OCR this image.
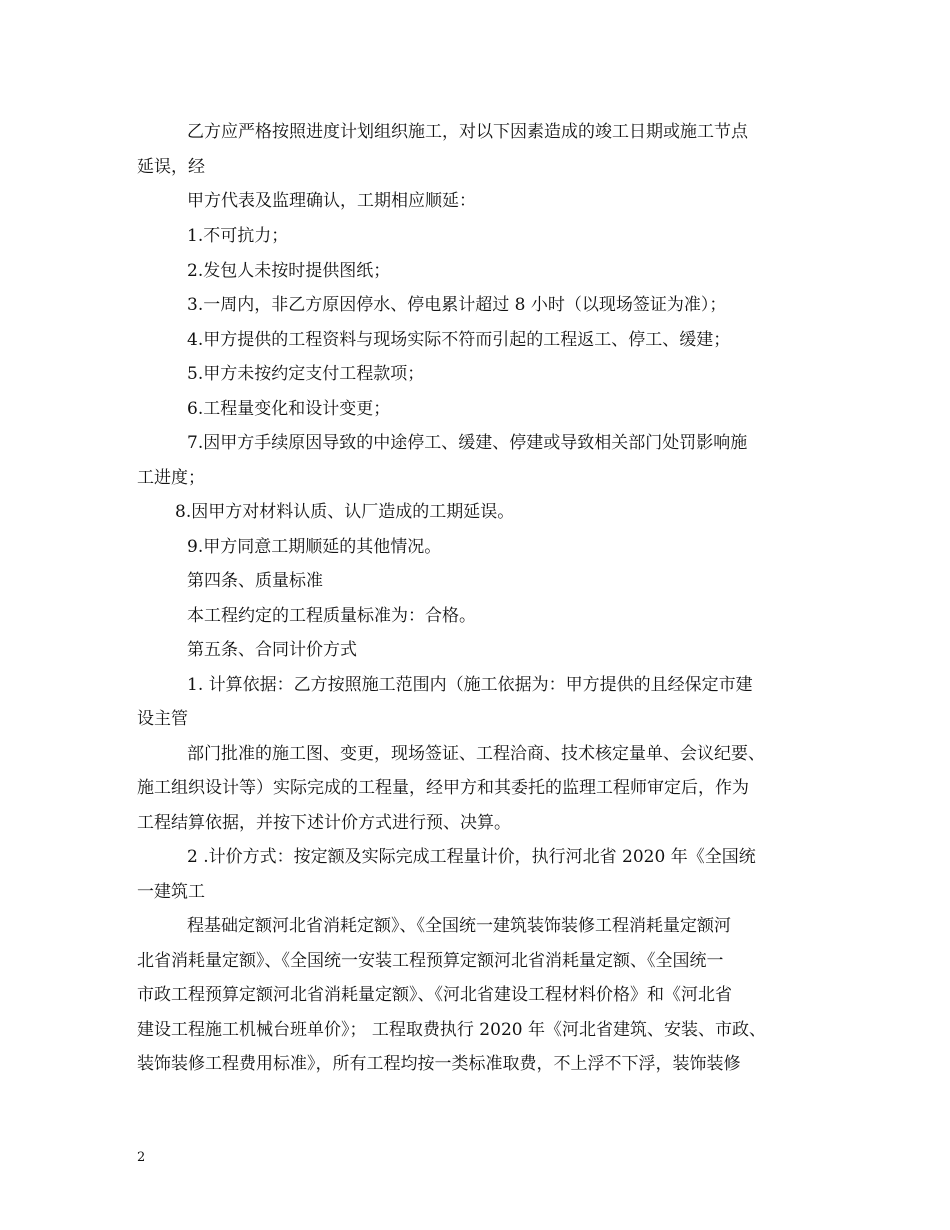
乙方应严格按照进度计划组织施工，对以下因素造成的竣工日期或施工节点
延误，经
甲方代表及监理确认，工期相应顺延：
1.不可抗力；
2.发包人未按时提供图纸；
3.一周内，非乙方原因停水、停电累计超过 8 小时（以现场签证为准）；
4.甲方提供的工程资料与现场实际不符而引起的工程返工、停工、缓建；
5.甲方未按约定支付工程款项；
6.工程量变化和设计变更；
7.因甲方手续原因导致的中途停工、缓建、停建或导致相关部门处罚影响施
工进度；
8.因甲方对材料认质、认厂造成的工期延误。
9.甲方同意工期顺延的其他情况。
第四条、质量标准
本工程约定的工程质量标准为：合格。
第五条、合同计价方式
1. 计算依据：乙方按照施工范围内（施工依据为：甲方提供的且经保定市建
设主管
部门批准的施工图、变更，现场签证、工程洽商、技术核定量单、会议纪要、
施工组织设计等）实际完成的工程量，经甲方和其委托的监理工程师审定后，作为
工程结算依据，并按下述计价方式进行预、决算。
2 .计价方式：按定额及实际完成工程量计价，执行河北省 2020 年《全国统
一建筑工
程基础定额河北省消耗定额》、《全国统一建筑装饰装修工程消耗量定额河
北省消耗量定额》、《全国统一安装工程预算定额河北省消耗量定额、《全国统一
市政工程预算定额河北省消耗量定额》、《河北省建设工程材料价格》和《河北省
建设工程施工机械台班单价》； 工程取费执行 2020 年《河北省建筑、安装、市政、
装饰装修工程费用标准》，所有工程均按一类标准取费，不上浮不下浮，装饰装修
2
